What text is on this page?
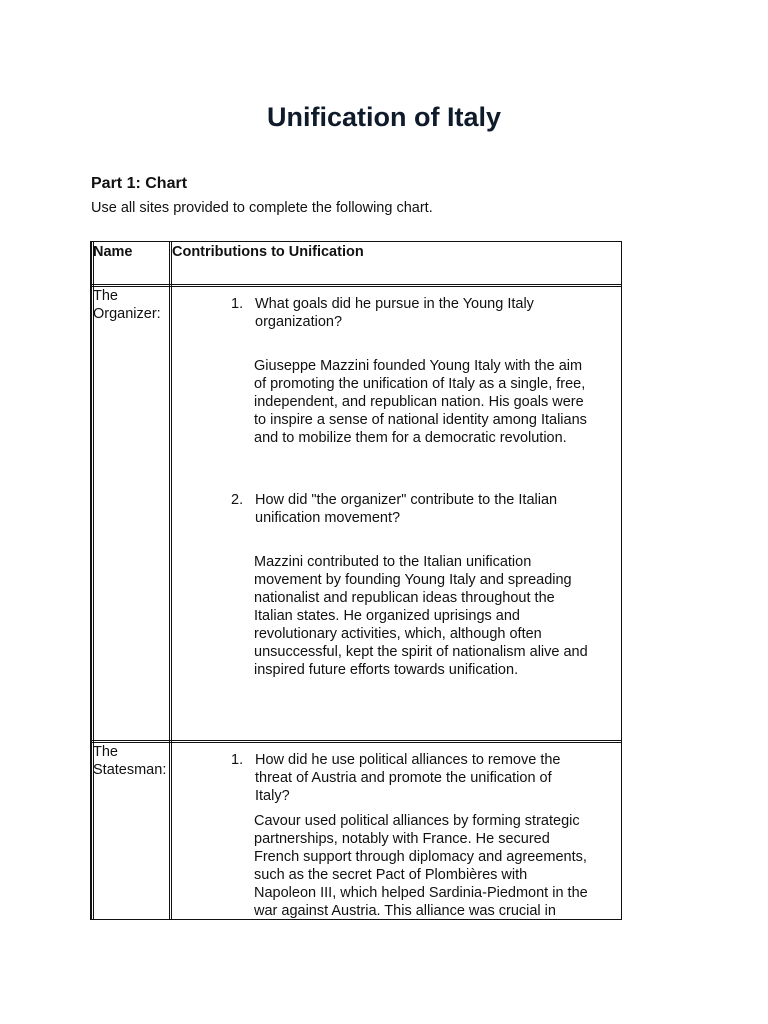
Unification of Italy
Part 1: Chart

Use all sites provided to complete the following chart.

Name	Contributions to Unification
The
Organizer:
1. What goals did he pursue in the Young Italy
organization?
Giuseppe Mazzini founded Young Italy with the aim
of promoting the unification of Italy as a single, free,
independent, and republican nation. His goals were
to inspire a sense of national identity among Italians
and to mobilize them for a democratic revolution.
2. How did "the organizer" contribute to the Italian
unification movement?
Mazzini contributed to the Italian unification
movement by founding Young Italy and spreading
nationalist and republican ideas throughout the
Italian states. He organized uprisings and
revolutionary activities, which, although often
unsuccessful, kept the spirit of nationalism alive and
inspired future efforts towards unification.
The
Statesman:
1. How did he use political alliances to remove the
threat of Austria and promote the unification of
Italy?
Cavour used political alliances by forming strategic
partnerships, notably with France. He secured
French support through diplomacy and agreements,
such as the secret Pact of Plombières with
Napoleon III, which helped Sardinia-Piedmont in the
war against Austria. This alliance was crucial in
